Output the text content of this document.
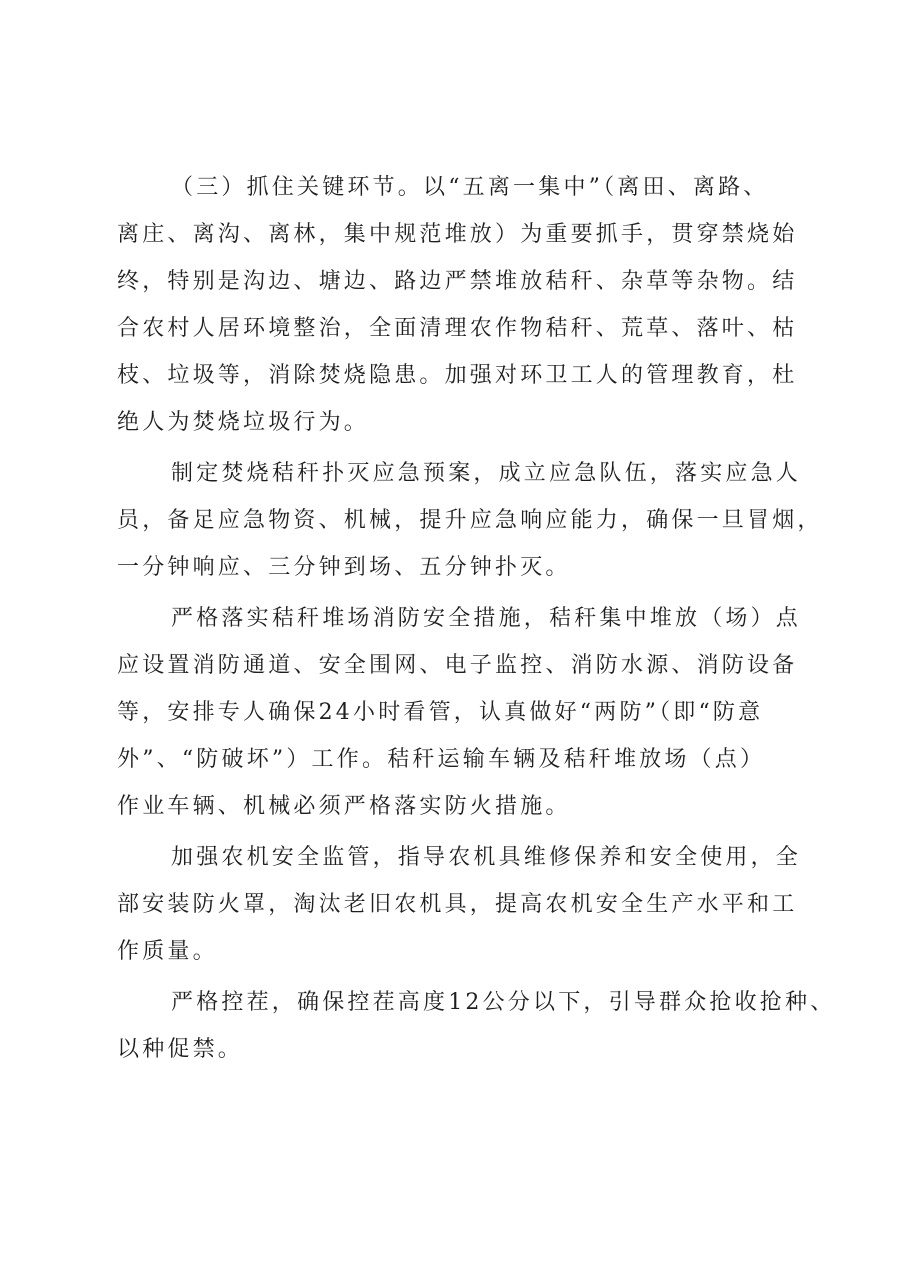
（三）抓住关键环节。以“五离一集中”（离田、离路、
离庄、离沟、离林，集中规范堆放）为重要抓手，贯穿禁烧始
终，特别是沟边、塘边、路边严禁堆放秸秆、杂草等杂物。结
合农村人居环境整治，全面清理农作物秸秆、荒草、落叶、枯
枝、垃圾等，消除焚烧隐患。加强对环卫工人的管理教育，杜
绝人为焚烧垃圾行为。
制定焚烧秸秆扑灭应急预案，成立应急队伍，落实应急人
员，备足应急物资、机械，提升应急响应能力，确保一旦冒烟，
一分钟响应、三分钟到场、五分钟扑灭。
严格落实秸秆堆场消防安全措施，秸秆集中堆放（场）点
应设置消防通道、安全围网、电子监控、消防水源、消防设备
等，安排专人确保24小时看管，认真做好“两防”（即“防意
外”、“防破坏”）工作。秸秆运输车辆及秸秆堆放场（点）
作业车辆、机械必须严格落实防火措施。
加强农机安全监管，指导农机具维修保养和安全使用，全
部安装防火罩，淘汰老旧农机具，提高农机安全生产水平和工
作质量。
严格控茬，确保控茬高度12公分以下，引导群众抢收抢种、
以种促禁。
